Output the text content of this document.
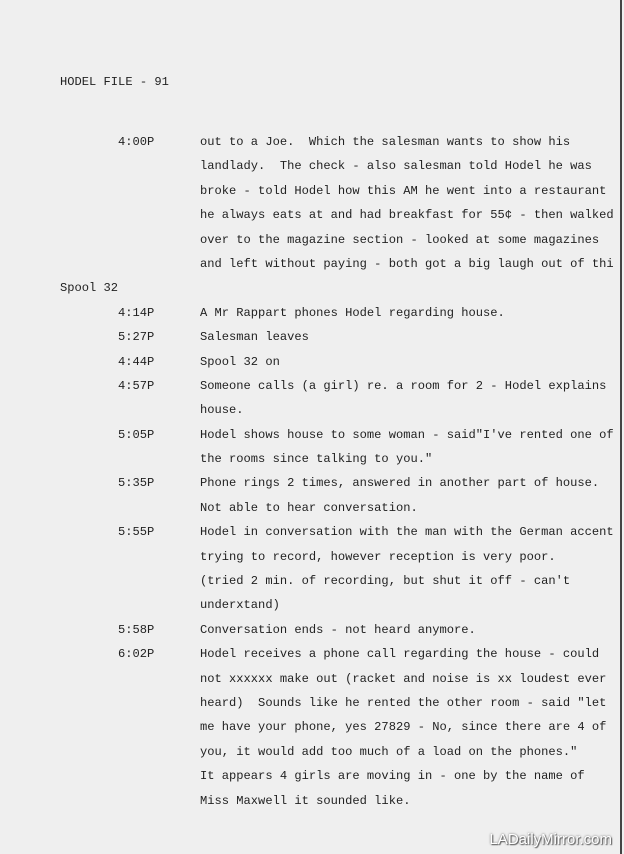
HODEL FILE - 91
4:00P	out to a Joe.  Which the salesman wants to show his
landlady.  The check - also salesman told Hodel he was
broke - told Hodel how this AM he went into a restaurant
he always eats at and had breakfast for 55¢ - then walked
over to the magazine section - looked at some magazines
and left without paying - both got a big laugh out of thi
Spool 32
4:14P	A Mr Rappart phones Hodel regarding house.
5:27P	Salesman leaves
4:44P	Spool 32 on
4:57P	Someone calls (a girl) re. a room for 2 - Hodel explains
house.
5:05P	Hodel shows house to some woman - said"I've rented one of
the rooms since talking to you."
5:35P	Phone rings 2 times, answered in another part of house.
Not able to hear conversation.
5:55P	Hodel in conversation with the man with the German accent
trying to record, however reception is very poor.
(tried 2 min. of recording, but shut it off - can't
underxtand)
5:58P	Conversation ends - not heard anymore.
6:02P	Hodel receives a phone call regarding the house - could
not xxxxxx make out (racket and noise is xx loudest ever
heard)  Sounds like he rented the other room - said "let
me have your phone, yes 27829 - No, since there are 4 of
you, it would add too much of a load on the phones."
It appears 4 girls are moving in - one by the name of
Miss Maxwell it sounded like.
LADailyMirror.com
